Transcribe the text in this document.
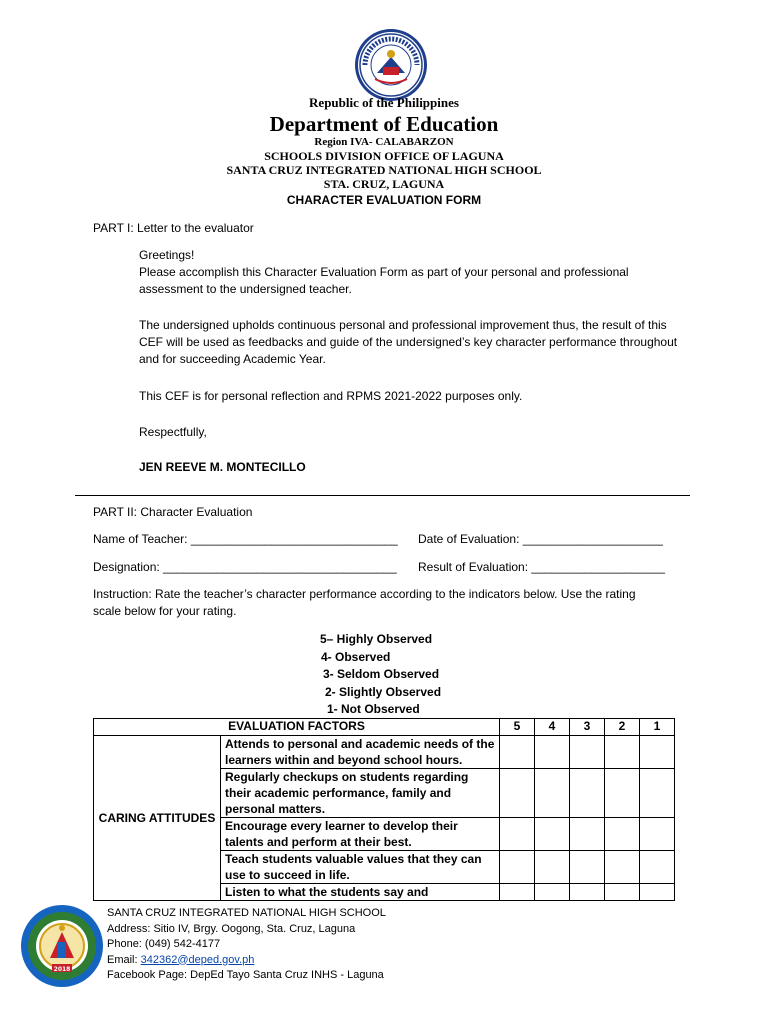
Republic of the Philippines
Department of Education
Region IVA- CALABARZON
SCHOOLS DIVISION OFFICE OF LAGUNA
SANTA CRUZ INTEGRATED NATIONAL HIGH SCHOOL
STA. CRUZ, LAGUNA
CHARACTER EVALUATION FORM
PART I: Letter to the evaluator
Greetings!
Please accomplish this Character Evaluation Form as part of your personal and professional assessment to the undersigned teacher.
The undersigned upholds continuous personal and professional improvement thus, the result of this CEF will be used as feedbacks and guide of the undersigned’s key character performance throughout and for succeeding Academic Year.
This CEF is for personal reflection and RPMS 2021-2022 purposes only.
Respectfully,
JEN REEVE M. MONTECILLO
PART II: Character Evaluation
Name of Teacher: _______________________________ Date of Evaluation: _____________________
Designation: ___________________________________ Result of Evaluation: ____________________
Instruction: Rate the teacher’s character performance according to the indicators below. Use the rating scale below for your rating.
5– Highly Observed
4- Observed
3- Seldom Observed
2- Slightly Observed
1- Not Observed
EVALUATION FACTORS		5	4	3	2	1
CARING ATTITUDES	Attends to personal and academic needs of the learners within and beyond school hours.					
	Regularly checkups on students regarding their academic performance, family and personal matters.					
	Encourage every learner to develop their talents and perform at their best.					
	Teach students valuable values that they can use to succeed in life.					
	Listen to what the students say and					
2018
SANTA CRUZ INTEGRATED NATIONAL HIGH SCHOOL
Address: Sitio IV, Brgy. Oogong, Sta. Cruz, Laguna
Phone: (049) 542-4177
Email: 342362@deped.gov.ph
Facebook Page: DepEd Tayo Santa Cruz INHS - Laguna
